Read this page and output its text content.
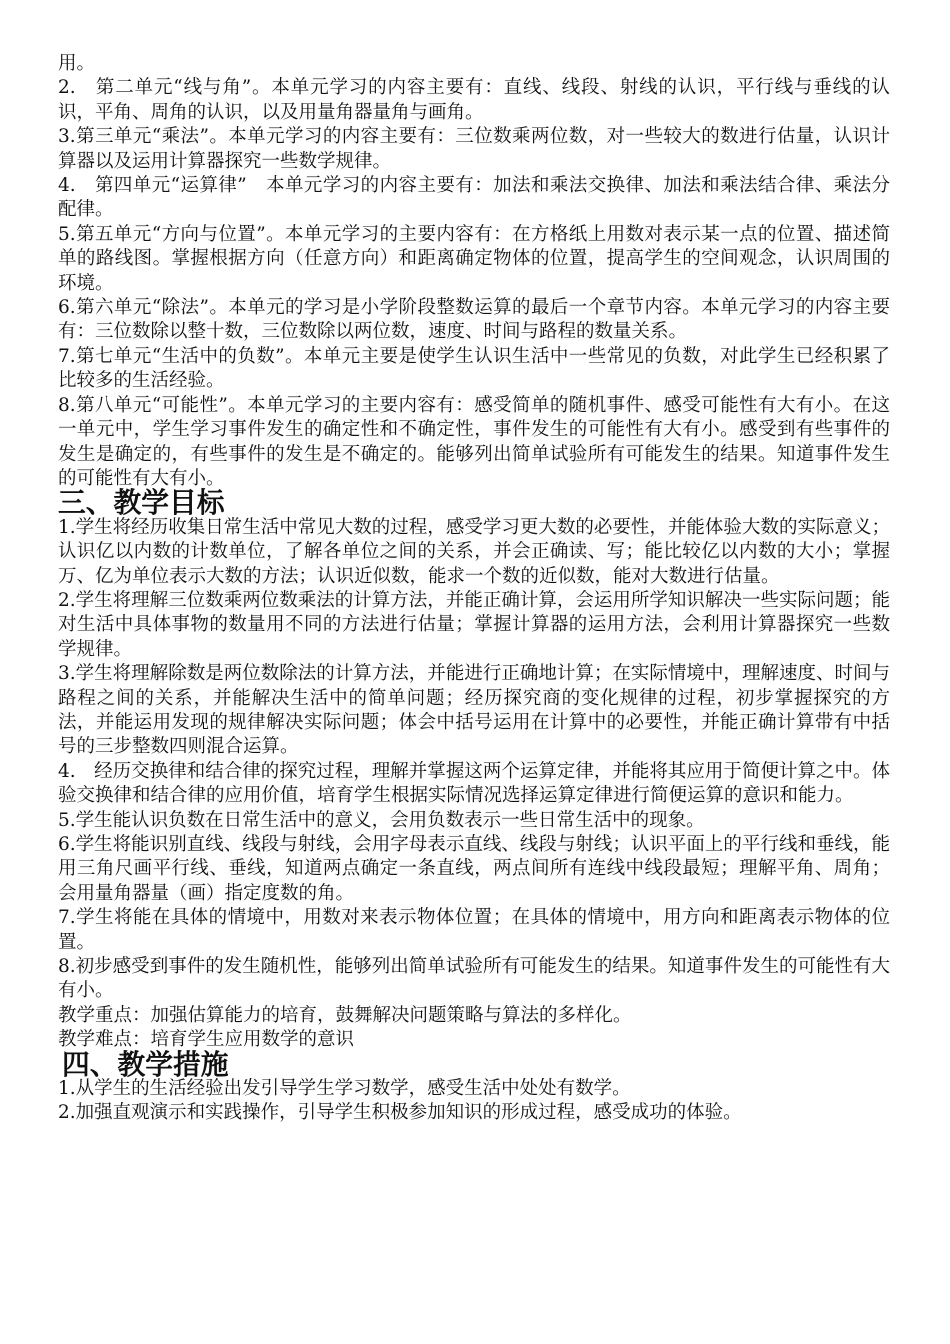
用。

2.　第二单元“线与角”。本单元学习的内容主要有：直线、线段、射线的认识，平行线与垂线的认识，平角、周角的认识，以及用量角器量角与画角。

3.第三单元“乘法”。本单元学习的内容主要有：三位数乘两位数，对一些较大的数进行估量，认识计算器以及运用计算器探究一些数学规律。

4.　第四单元“运算律”　本单元学习的内容主要有：加法和乘法交换律、加法和乘法结合律、乘法分配律。

5.第五单元“方向与位置”。本单元学习的主要内容有：在方格纸上用数对表示某一点的位置、描述简单的路线图。掌握根据方向（任意方向）和距离确定物体的位置，提高学生的空间观念，认识周围的环境。

6.第六单元“除法”。本单元的学习是小学阶段整数运算的最后一个章节内容。本单元学习的内容主要有：三位数除以整十数，三位数除以两位数，速度、时间与路程的数量关系。

7.第七单元“生活中的负数”。本单元主要是使学生认识生活中一些常见的负数，对此学生已经积累了比较多的生活经验。

8.第八单元“可能性”。本单元学习的主要内容有：感受简单的随机事件、感受可能性有大有小。在这一单元中，学生学习事件发生的确定性和不确定性，事件发生的可能性有大有小。感受到有些事件的发生是确定的，有些事件的发生是不确定的。能够列出简单试验所有可能发生的结果。知道事件发生的可能性有大有小。

三、教学目标

1.学生将经历收集日常生活中常见大数的过程，感受学习更大数的必要性，并能体验大数的实际意义；认识亿以内数的计数单位，了解各单位之间的关系，并会正确读、写；能比较亿以内数的大小；掌握万、亿为单位表示大数的方法；认识近似数，能求一个数的近似数，能对大数进行估量。

2.学生将理解三位数乘两位数乘法的计算方法，并能正确计算，会运用所学知识解决一些实际问题；能对生活中具体事物的数量用不同的方法进行估量；掌握计算器的运用方法，会利用计算器探究一些数学规律。

3.学生将理解除数是两位数除法的计算方法，并能进行正确地计算；在实际情境中，理解速度、时间与路程之间的关系，并能解决生活中的简单问题；经历探究商的变化规律的过程，初步掌握探究的方法，并能运用发现的规律解决实际问题；体会中括号运用在计算中的必要性，并能正确计算带有中括号的三步整数四则混合运算。

4.　经历交换律和结合律的探究过程，理解并掌握这两个运算定律，并能将其应用于简便计算之中。体验交换律和结合律的应用价值，培育学生根据实际情况选择运算定律进行简便运算的意识和能力。

5.学生能认识负数在日常生活中的意义，会用负数表示一些日常生活中的现象。

6.学生将能识别直线、线段与射线，会用字母表示直线、线段与射线；认识平面上的平行线和垂线，能用三角尺画平行线、垂线，知道两点确定一条直线，两点间所有连线中线段最短；理解平角、周角；会用量角器量（画）指定度数的角。

7.学生将能在具体的情境中，用数对来表示物体位置；在具体的情境中，用方向和距离表示物体的位置。

8.初步感受到事件的发生随机性，能够列出简单试验所有可能发生的结果。知道事件发生的可能性有大有小。

教学重点：加强估算能力的培育，鼓舞解决问题策略与算法的多样化。

教学难点：培育学生应用数学的意识

四、教学措施

1.从学生的生活经验出发引导学生学习数学，感受生活中处处有数学。

2.加强直观演示和实践操作，引导学生积极参加知识的形成过程，感受成功的体验。
